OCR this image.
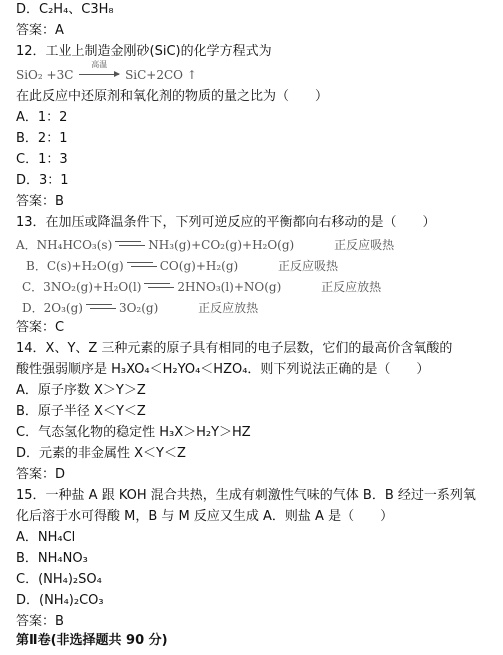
D．C₂H₄、C3H₈
答案：A
12．工业上制造金刚砂(SiC)的化学方程式为
SiO₂ +3C
高温
SiC+2CO ↑
在此反应中还原剂和氧化剂的物质的量之比为（　　）
A．1：2
B．2：1
C．1：3
D．3：1
答案：B
13．在加压或降温条件下，下列可逆反应的平衡都向右移动的是（　　）
A．NH₄HCO₃(s)	NH₃(g)+CO₂(g)+H₂O(g)	正反应吸热
B．C(s)+H₂O(g)	CO(g)+H₂(g)	正反应吸热
C．3NO₂(g)+H₂O(l)	2HNO₃(l)+NO(g)	正反应放热
D．2O₃(g)	3O₂(g)	正反应放热
答案：C
14．X、Y、Z 三种元素的原子具有相同的电子层数，它们的最高价含氧酸的
酸性强弱顺序是 H₃XO₄＜H₂YO₄＜HZO₄．则下列说法正确的是（　　）
A．原子序数 X＞Y＞Z
B．原子半径 X＜Y＜Z
C．气态氢化物的稳定性 H₃X＞H₂Y＞HZ
D．元素的非金属性 X＜Y＜Z
答案：D
15．一种盐 A 跟 KOH 混合共热，生成有刺激性气味的气体 B．B 经过一系列氧
化后溶于水可得酸 M，B 与 M 反应又生成 A．则盐 A 是（　　）
A．NH₄Cl
B．NH₄NO₃
C．(NH₄)₂SO₄
D．(NH₄)₂CO₃
答案：B
第Ⅱ卷(非选择题共 90 分)
